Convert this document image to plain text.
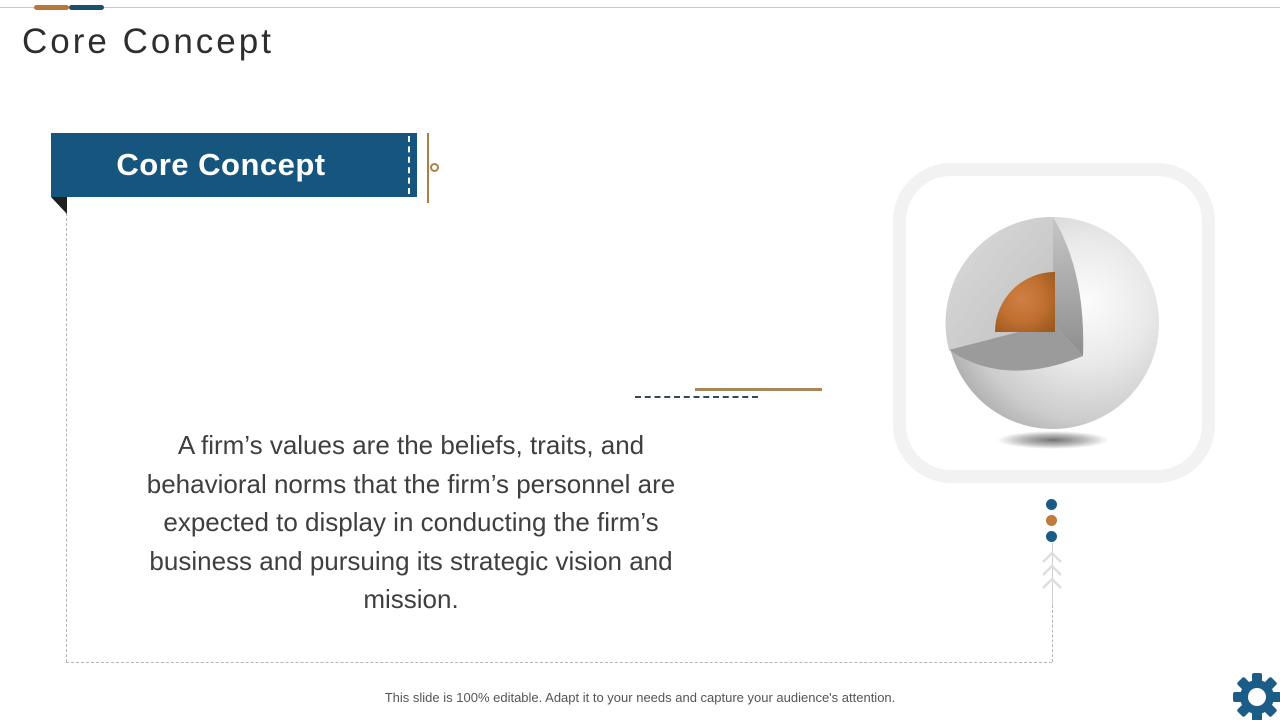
Core Concept
Core Concept
A firm’s values are the beliefs, traits, and behavioral norms that the firm’s personnel are expected to display in conducting the firm’s business and pursuing its strategic vision and mission.
This slide is 100% editable. Adapt it to your needs and capture your audience's attention.
